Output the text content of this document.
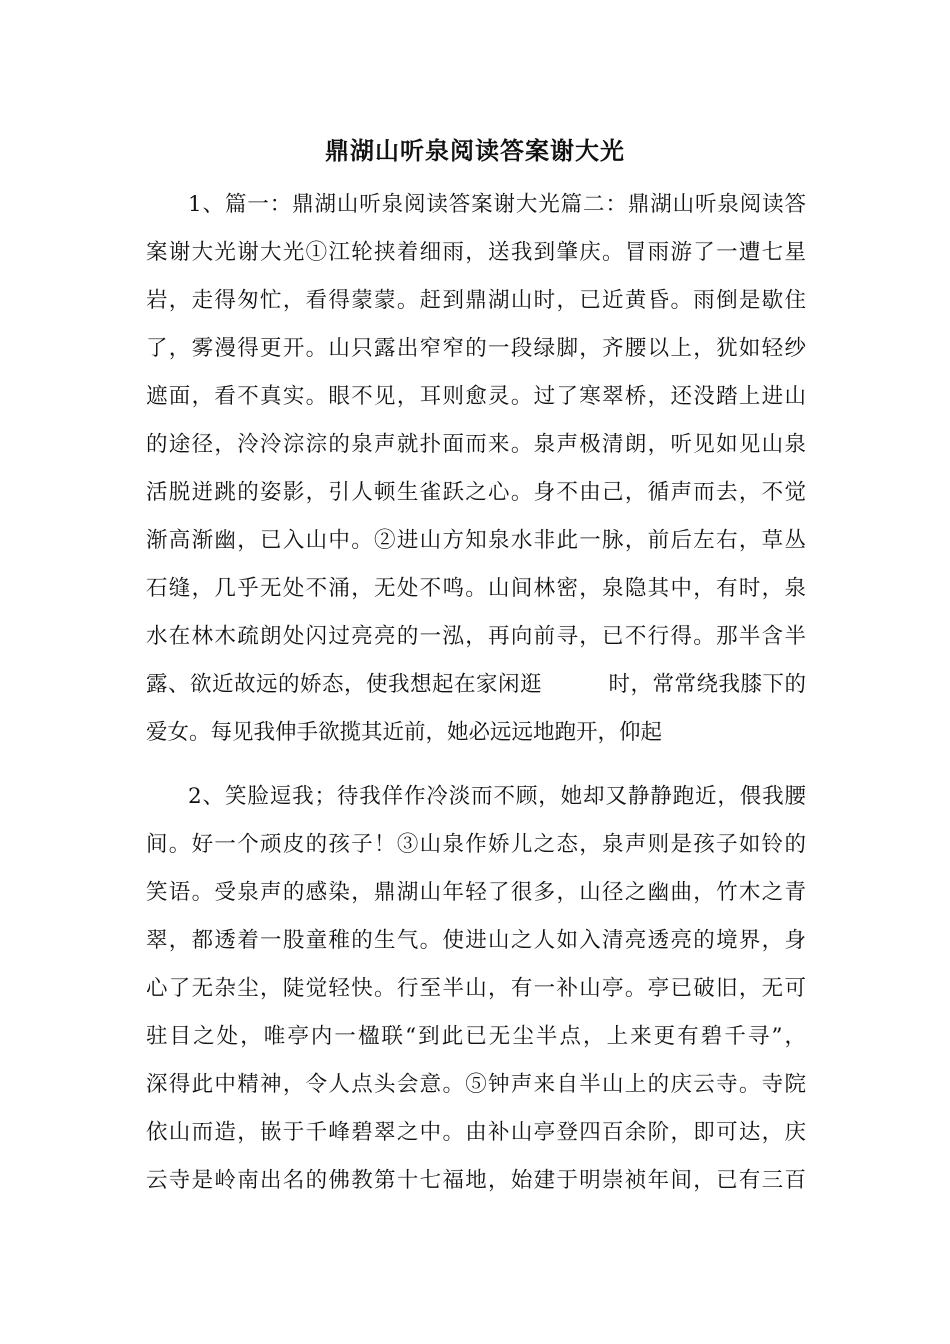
鼎湖山听泉阅读答案谢大光
1、篇一：鼎湖山听泉阅读答案谢大光篇二：鼎湖山听泉阅读答
案谢大光谢大光①江轮挟着细雨，送我到肇庆。冒雨游了一遭七星
岩，走得匆忙，看得蒙蒙。赶到鼎湖山时，已近黄昏。雨倒是歇住
了，雾漫得更开。山只露出窄窄的一段绿脚，齐腰以上，犹如轻纱
遮面，看不真实。眼不见，耳则愈灵。过了寒翠桥，还没踏上进山
的途径，泠泠淙淙的泉声就扑面而来。泉声极清朗，听见如见山泉
活脱迸跳的姿影，引人顿生雀跃之心。身不由己，循声而去，不觉
渐高渐幽，已入山中。②进山方知泉水非此一脉，前后左右，草丛
石缝，几乎无处不涌，无处不鸣。山间林密，泉隐其中，有时，泉
水在林木疏朗处闪过亮亮的一泓，再向前寻，已不行得。那半含半
露、欲近故远的娇态，使我想起在家闲逛	时，常常绕我膝下的
爱女。每见我伸手欲揽其近前，她必远远地跑开，仰起
2、笑脸逗我；待我佯作冷淡而不顾，她却又静静跑近，偎我腰
间。好一个顽皮的孩子！③山泉作娇儿之态，泉声则是孩子如铃的
笑语。受泉声的感染，鼎湖山年轻了很多，山径之幽曲，竹木之青
翠，都透着一股童稚的生气。使进山之人如入清亮透亮的境界，身
心了无杂尘，陡觉轻快。行至半山，有一补山亭。亭已破旧，无可
驻目之处，唯亭内一楹联“到此已无尘半点，上来更有碧千寻”，
深得此中精神，令人点头会意。⑤钟声来自半山上的庆云寺。寺院
依山而造，嵌于千峰碧翠之中。由补山亭登四百余阶，即可达，庆
云寺是岭南出名的佛教第十七福地，始建于明崇祯年间，已有三百
